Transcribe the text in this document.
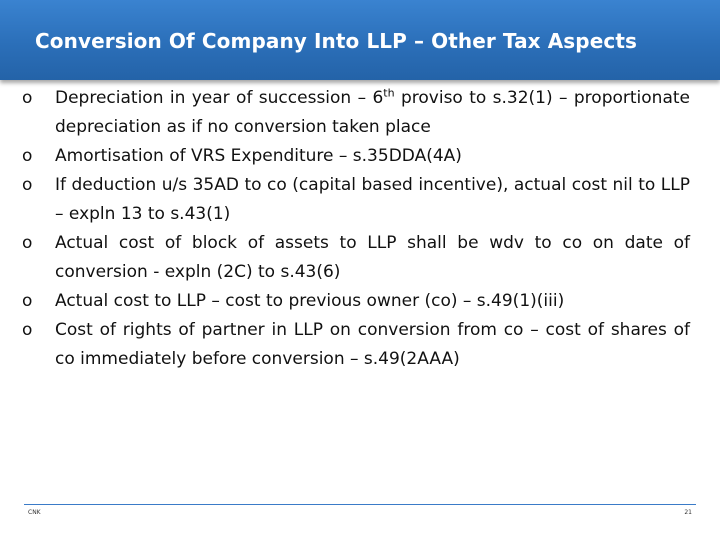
Conversion Of Company Into LLP – Other Tax Aspects
o Depreciation in year of succession – 6th proviso to s.32(1) – proportionate depreciation as if no conversion taken place
o Amortisation of VRS Expenditure – s.35DDA(4A)
o If deduction u/s 35AD to co (capital based incentive), actual cost nil to LLP – expln 13 to s.43(1)
o Actual cost of block of assets to LLP shall be wdv to co on date of conversion - expln (2C) to s.43(6)
o Actual cost to LLP – cost to previous owner (co) – s.49(1)(iii)
o Cost of rights of partner in LLP on conversion from co – cost of shares of co immediately before conversion – s.49(2AAA)
CNK	21
